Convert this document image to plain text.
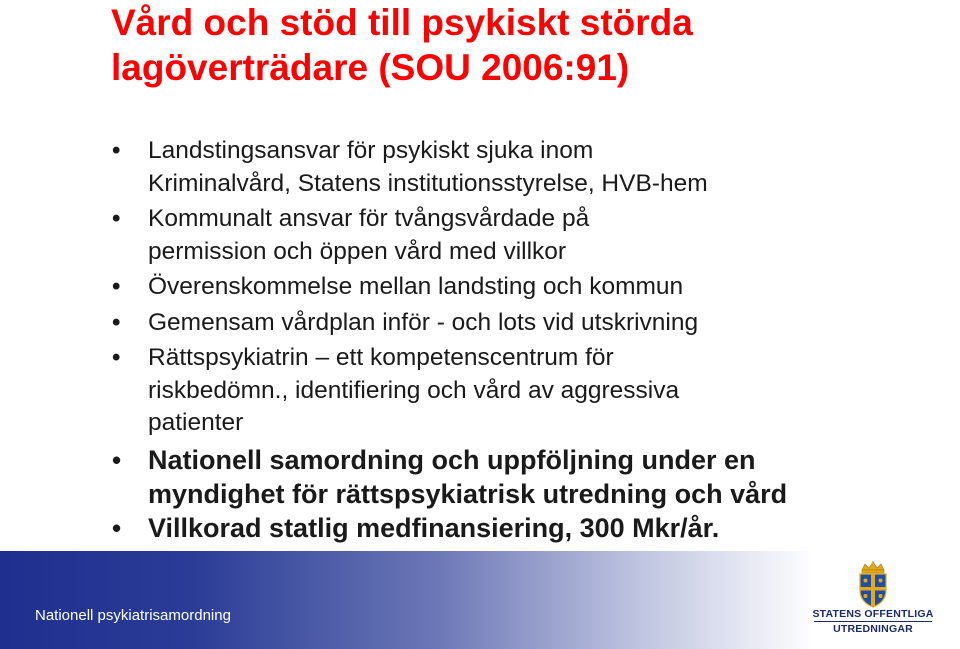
Vård och stöd till psykiskt störda
lagöverträdare (SOU 2006:91)
• Landstingsansvar för psykiskt sjuka inom
Kriminalvård, Statens institutionsstyrelse, HVB-hem
• Kommunalt ansvar för tvångsvårdade på
permission och öppen vård med villkor
• Överenskommelse mellan landsting och kommun
• Gemensam vårdplan inför - och lots vid utskrivning
• Rättspsykiatrin – ett kompetenscentrum för
riskbedömn., identifiering och vård av aggressiva
patienter
• Nationell samordning och uppföljning under en
myndighet för rättspsykiatrisk utredning och vård
• Villkorad statlig medfinansiering, 300 Mkr/år.
Nationell psykiatrisamordning	STATENS OFFENTLIGA
UTREDNINGAR
